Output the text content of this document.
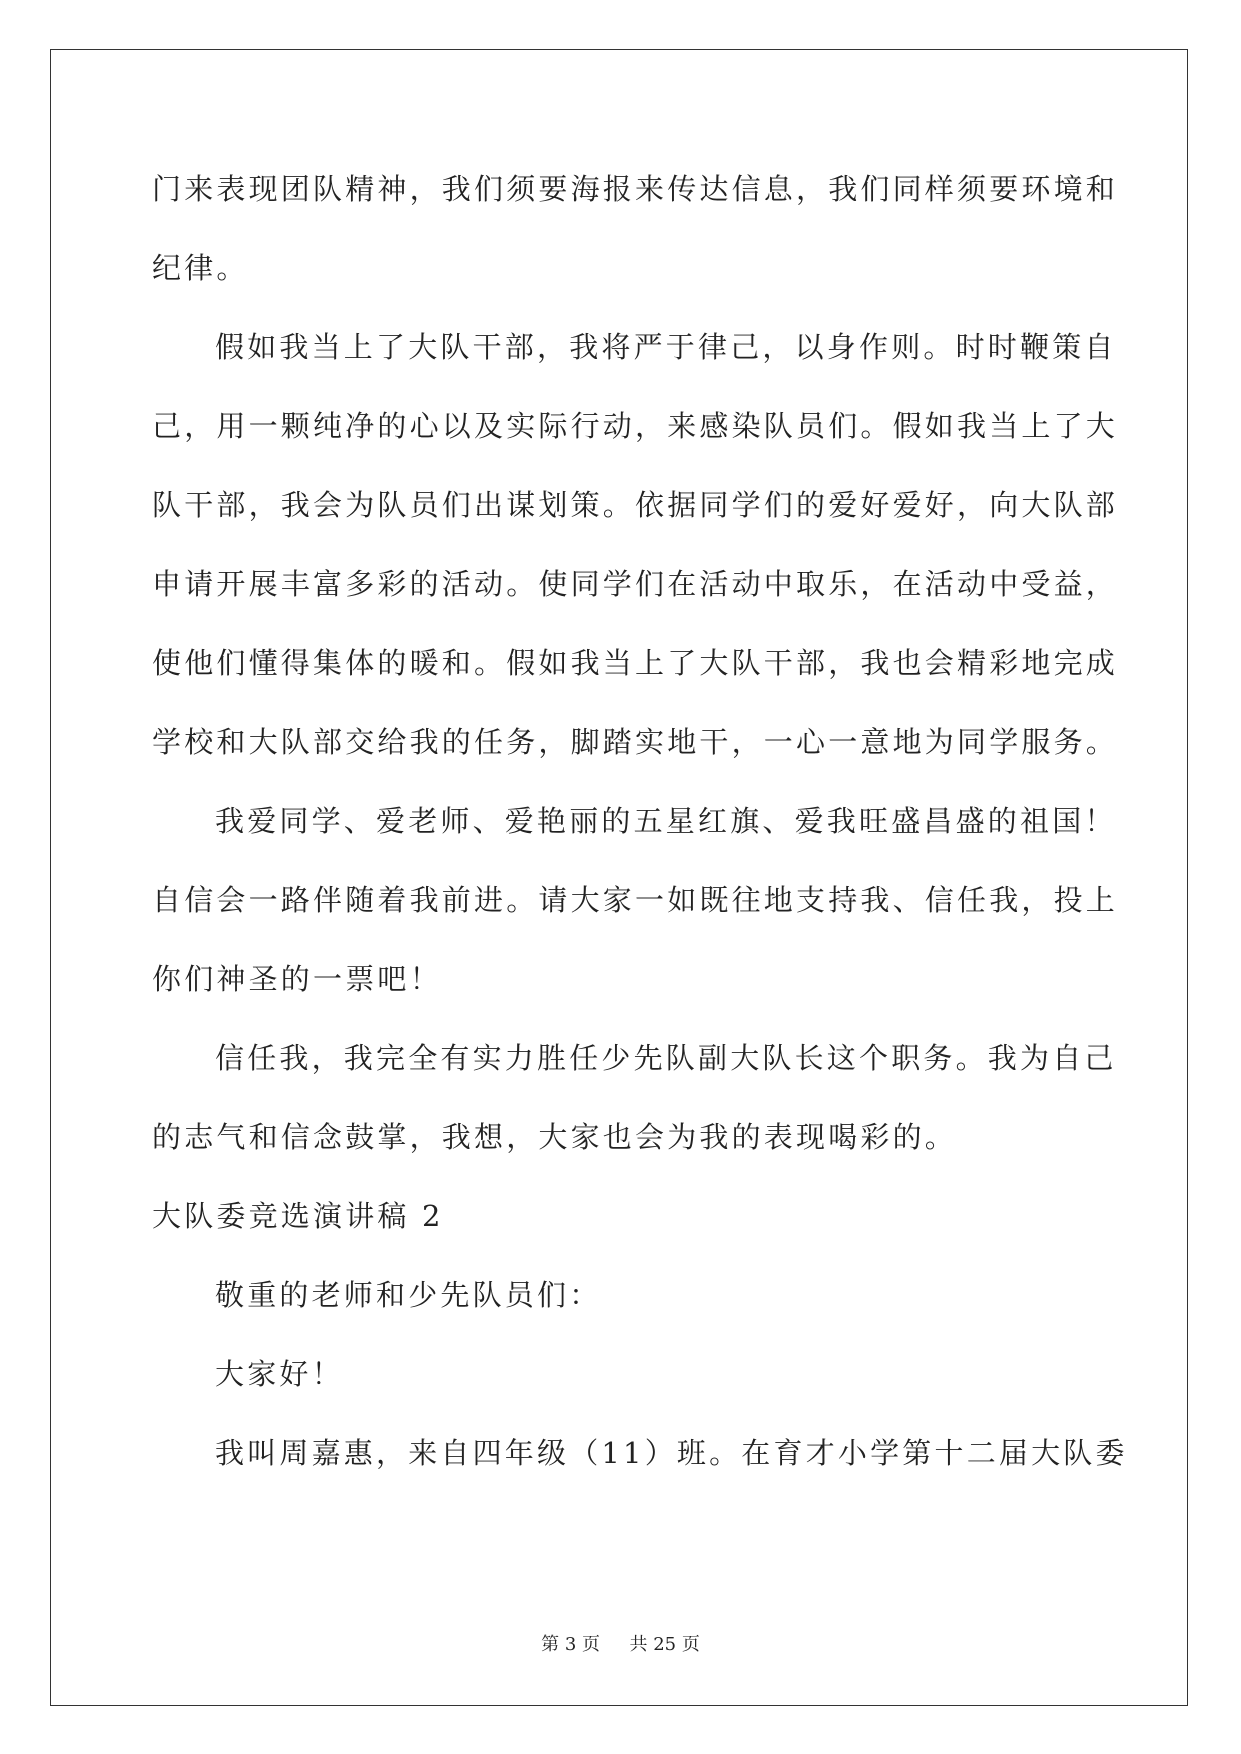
门来表现团队精神，我们须要海报来传达信息，我们同样须要环境和
纪律。
假如我当上了大队干部，我将严于律己，以身作则。时时鞭策自
己，用一颗纯净的心以及实际行动，来感染队员们。假如我当上了大
队干部，我会为队员们出谋划策。依据同学们的爱好爱好，向大队部
申请开展丰富多彩的活动。使同学们在活动中取乐，在活动中受益，
使他们懂得集体的暖和。假如我当上了大队干部，我也会精彩地完成
学校和大队部交给我的任务，脚踏实地干，一心一意地为同学服务。
我爱同学、爱老师、爱艳丽的五星红旗、爱我旺盛昌盛的祖国！
自信会一路伴随着我前进。请大家一如既往地支持我、信任我，投上
你们神圣的一票吧！
信任我，我完全有实力胜任少先队副大队长这个职务。我为自己
的志气和信念鼓掌，我想，大家也会为我的表现喝彩的。
大队委竞选演讲稿 2
敬重的老师和少先队员们：
大家好！
我叫周嘉惠，来自四年级（11）班。在育才小学第十二届大队委
第 3 页 共 25 页
